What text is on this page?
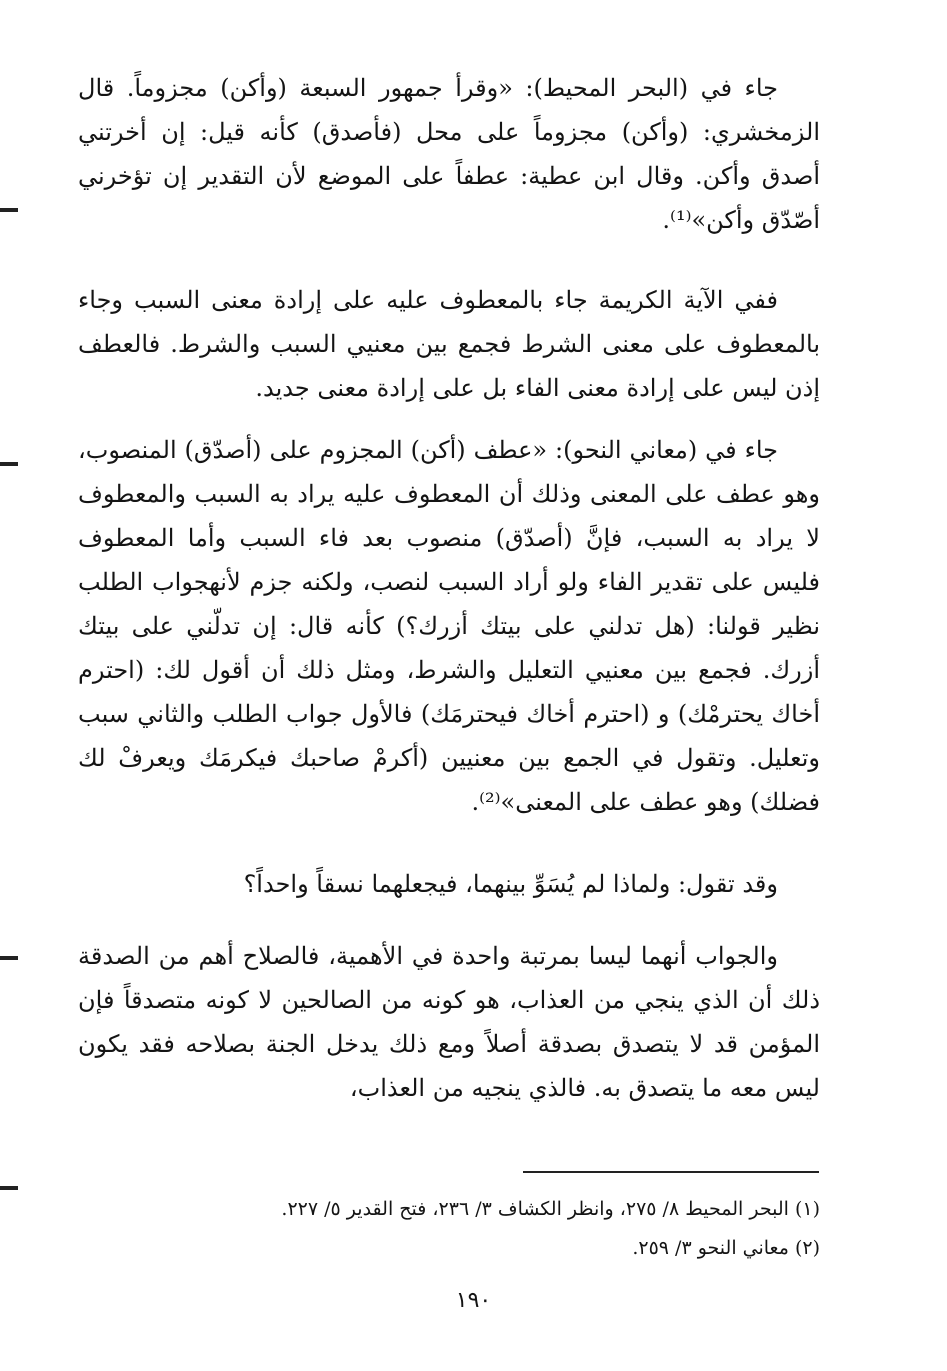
جاء في (البحر المحيط): «وقرأ جمهور السبعة (وأكن) مجزوماً. قال الزمخشري: (وأكن) مجزوماً على محل (فأصدق) كأنه قيل: إن أخرتني أصدق وأكن. وقال ابن عطية: عطفاً على الموضع لأن التقدير إن تؤخرني أصّدّق وأكن»⁽¹⁾.

ففي الآية الكريمة جاء بالمعطوف عليه على إرادة معنى السبب وجاء بالمعطوف على معنى الشرط فجمع بين معنيي السبب والشرط. فالعطف إذن ليس على إرادة معنى الفاء بل على إرادة معنى جديد.

جاء في (معاني النحو): «عطف (أكن) المجزوم على (أصدّق) المنصوب، وهو عطف على المعنى وذلك أن المعطوف عليه يراد به السبب والمعطوف لا يراد به السبب، فإنَّ (أصدّق) منصوب بعد فاء السبب وأما المعطوف فليس على تقدير الفاء ولو أراد السبب لنصب، ولكنه جزم لأنهجواب الطلب نظير قولنا: (هل تدلني على بيتك أزرك؟) كأنه قال: إن تدلّني على بيتك أزرك. فجمع بين معنيي التعليل والشرط، ومثل ذلك أن أقول لك: (احترم أخاك يحترمْك) و (احترم أخاك فيحترمَك) فالأول جواب الطلب والثاني سبب وتعليل. وتقول في الجمع بين معنيين (أكرمْ صاحبك فيكرمَك ويعرفْ لك فضلك) وهو عطف على المعنى»⁽²⁾.

وقد تقول: ولماذا لم يُسَوِّ بينهما، فيجعلهما نسقاً واحداً؟

والجواب أنهما ليسا بمرتبة واحدة في الأهمية، فالصلاح أهم من الصدقة ذلك أن الذي ينجي من العذاب، هو كونه من الصالحين لا كونه متصدقاً فإن المؤمن قد لا يتصدق بصدقة أصلاً ومع ذلك يدخل الجنة بصلاحه فقد يكون ليس معه ما يتصدق به. فالذي ينجيه من العذاب،

(١) البحر المحيط ٨/ ٢٧٥، وانظر الكشاف ٣/ ٢٣٦، فتح القدير ٥/ ٢٢٧.
(٢) معاني النحو ٣/ ٢٥٩.
١٩٠
